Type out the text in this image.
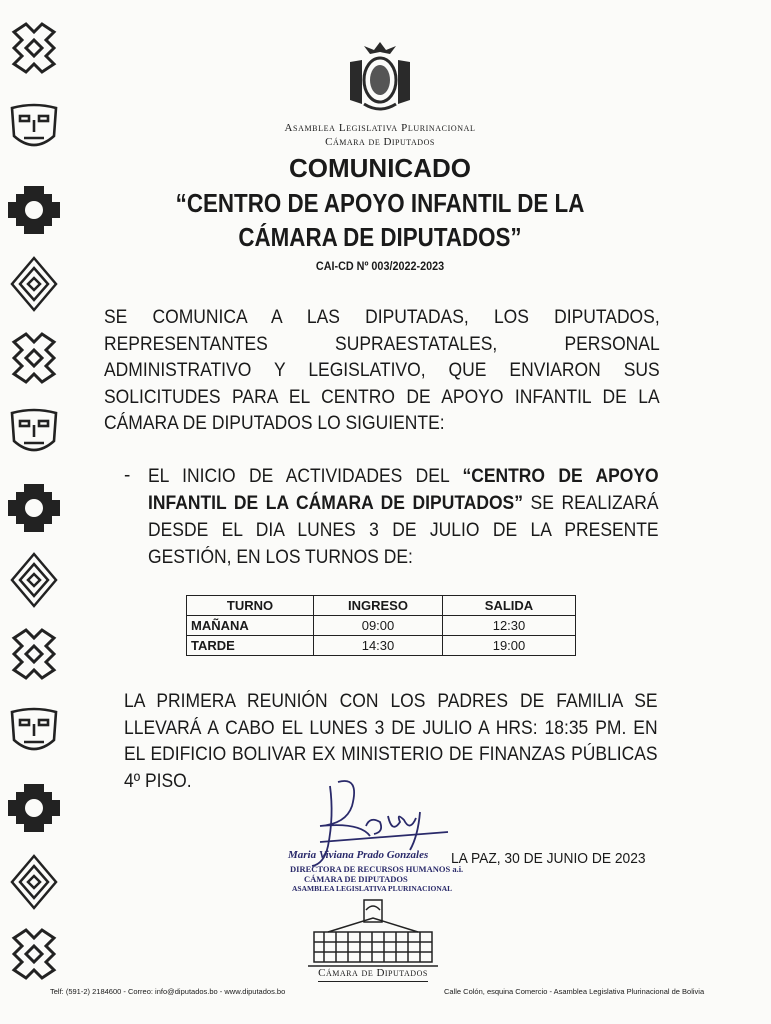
Asamblea Legislativa Plurinacional
Cámara de Diputados
COMUNICADO
“CENTRO DE APOYO INFANTIL DE LA
CÁMARA DE DIPUTADOS”
CAI-CD Nº 003/2022-2023
SE COMUNICA A LAS DIPUTADAS, LOS DIPUTADOS, REPRESENTANTES SUPRAESTATALES, PERSONAL ADMINISTRATIVO Y LEGISLATIVO, QUE ENVIARON SUS SOLICITUDES PARA EL CENTRO DE APOYO INFANTIL DE LA CÁMARA DE DIPUTADOS LO SIGUIENTE:
- EL INICIO DE ACTIVIDADES DEL “CENTRO DE APOYO INFANTIL DE LA CÁMARA DE DIPUTADOS” SE REALIZARÁ DESDE EL DIA LUNES 3 DE JULIO DE LA PRESENTE GESTIÓN, EN LOS TURNOS DE:
TURNO	INGRESO	SALIDA
MAÑANA	09:00	12:30
TARDE	14:30	19:00
LA PRIMERA REUNIÓN CON LOS PADRES DE FAMILIA SE LLEVARÁ A CABO EL LUNES 3 DE JULIO A HRS: 18:35 PM. EN EL EDIFICIO BOLIVAR EX MINISTERIO DE FINANZAS PÚBLICAS 4º PISO.
Maria Viviana Prado Gonzales
DIRECTORA DE RECURSOS HUMANOS a.i.
CÁMARA DE DIPUTADOS
ASAMBLEA LEGISLATIVA PLURINACIONAL
LA PAZ, 30 DE JUNIO DE 2023
Cámara de Diputados
Telf: (591-2) 2184600 - Correo: info@diputados.bo - www.diputados.bo	Calle Colón, esquina Comercio - Asamblea Legislativa Plurinacional de Bolivia
